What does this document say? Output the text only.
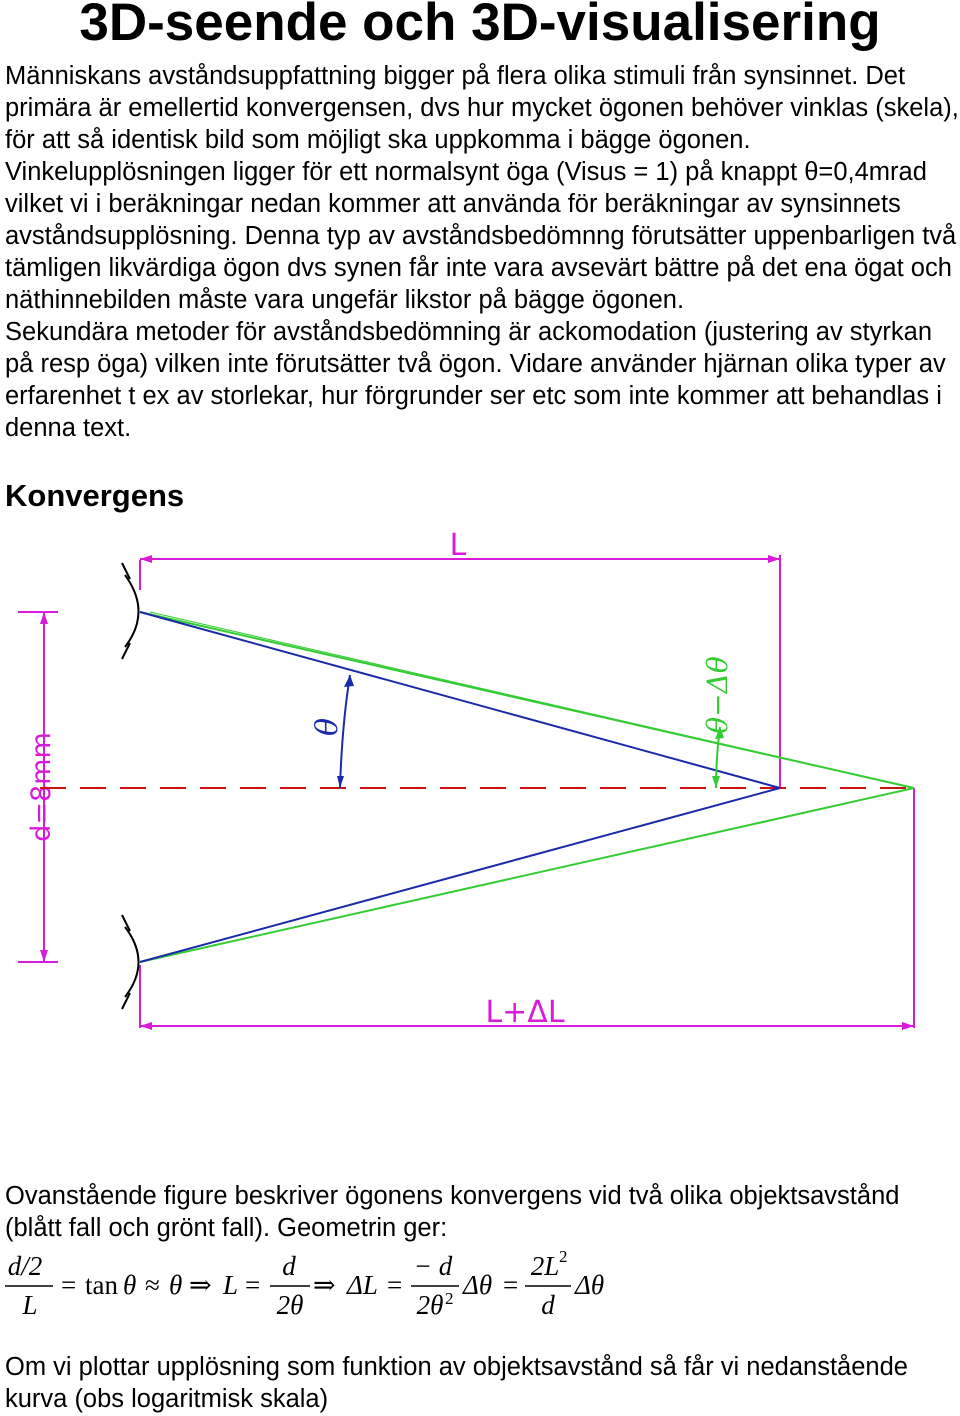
3D-seende och 3D-visualisering
Människans avståndsuppfattning bigger på flera olika stimuli från synsinnet. Det primära är emellertid konvergensen, dvs hur mycket ögonen behöver vinklas (skela), för att så identisk bild som möjligt ska uppkomma i bägge ögonen. Vinkelupplösningen ligger för ett normalsynt öga (Visus = 1) på knappt θ=0,4mrad vilket vi i beräkningar nedan kommer att använda för beräkningar av synsinnets avståndsupplösning. Denna typ av avståndsbedömnng förutsätter uppenbarligen två tämligen likvärdiga ögon dvs synen får inte vara avsevärt bättre på det ena ögat och näthinnebilden måste vara ungefär likstor på bägge ögonen.
Sekundära metoder för avståndsbedömning är ackomodation (justering av styrkan på resp öga) vilken inte förutsätter två ögon. Vidare använder hjärnan olika typer av erfarenhet t ex av storlekar, hur förgrunder ser etc som inte kommer att behandlas i denna text.
Konvergens
L
L+ΔL
d=8mm
θ	θ−Δθ
Ovanstående figure beskriver ögonens konvergens vid två olika objektsavstånd (blått fall och grönt fall). Geometrin ger:
d/2
L
= tan θ ≈ θ ⇒ L =
d
2θ
⇒ ΔL =
− d
2θ 2 Δθ =
2L 2
d
Δθ
Om vi plottar upplösning som funktion av objektsavstånd så får vi nedanstående kurva (obs logaritmisk skala)
